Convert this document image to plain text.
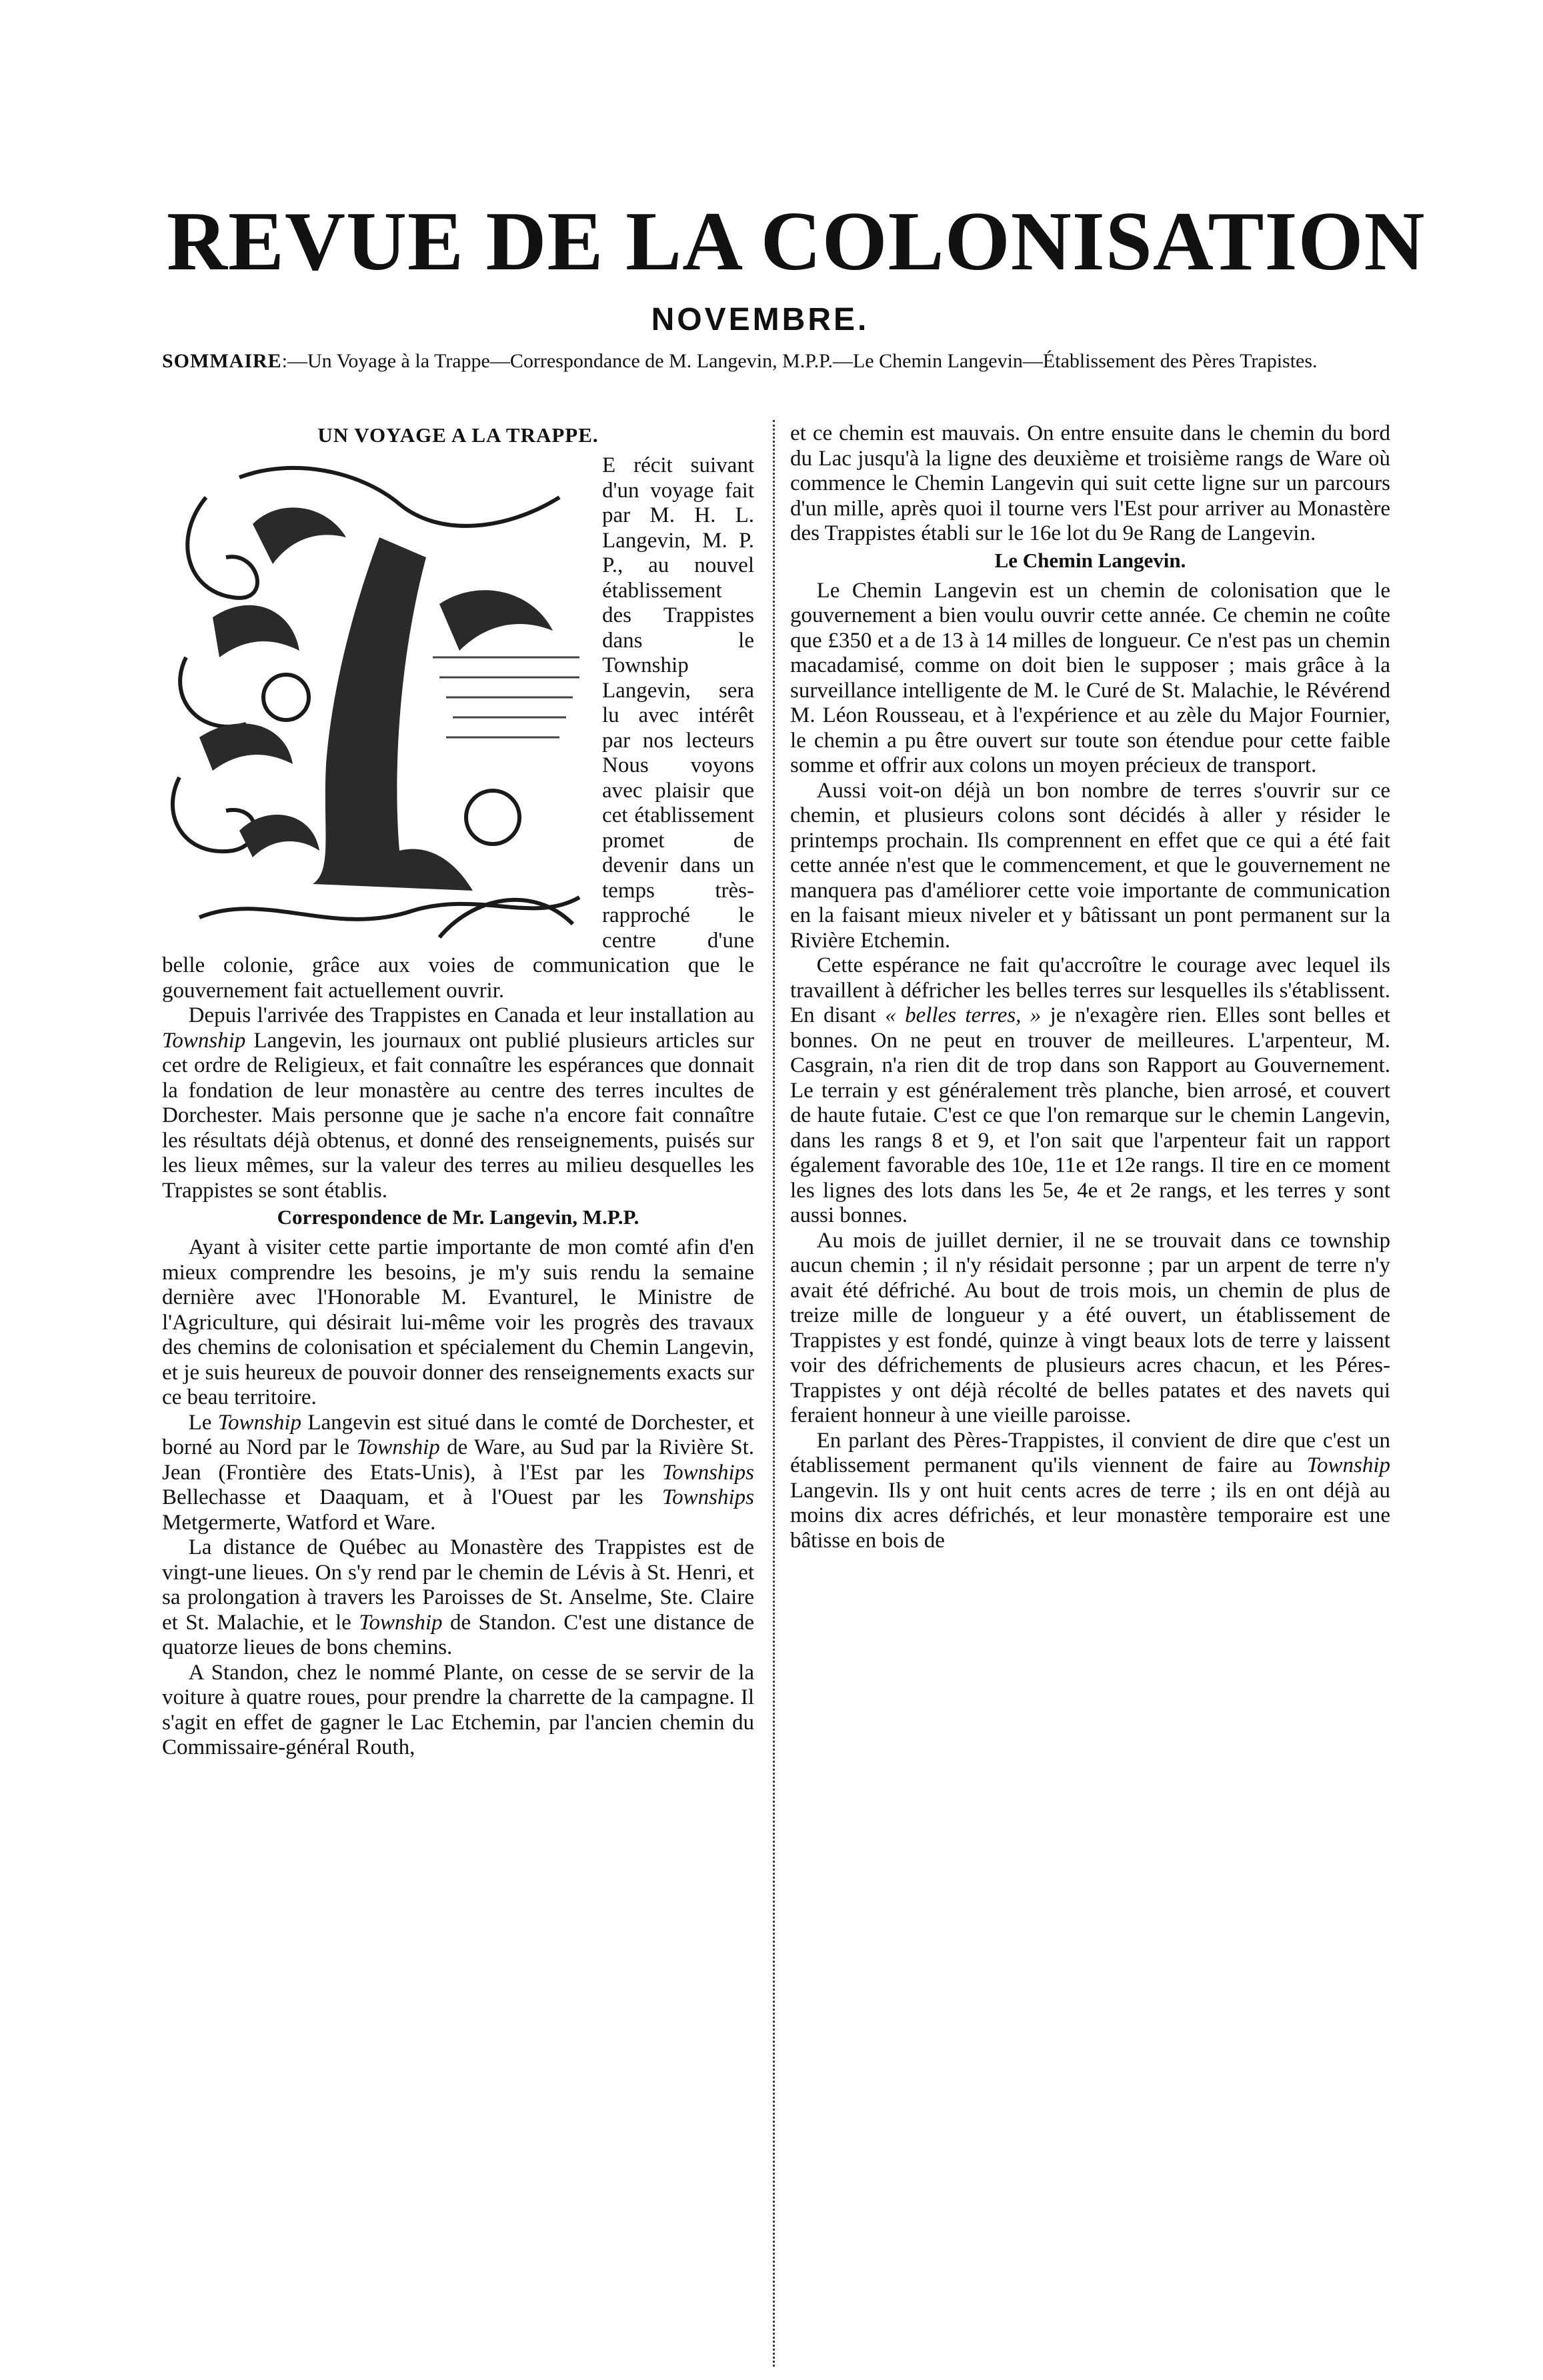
REVUE DE LA COLONISATION
NOVEMBRE.
SOMMAIRE:—Un Voyage à la Trappe—Correspondance de M. Langevin, M.P.P.—Le Chemin Langevin—Établissement des Pères Trapistes.
UN VOYAGE A LA TRAPPE.

E récit suivant d'un voyage fait par M. H. L. Langevin, M. P. P., au nouvel établissement des Trappistes dans le Township Langevin, sera lu avec intérêt par nos lecteurs Nous voyons avec plaisir que cet établissement promet de devenir dans un temps très-rapproché le centre d'une belle colonie, grâce aux voies de communication que le gouvernement fait actuellement ouvrir.

Depuis l'arrivée des Trappistes en Canada et leur installation au Township Langevin, les journaux ont publié plusieurs articles sur cet ordre de Religieux, et fait connaître les espérances que donnait la fondation de leur monastère au centre des terres incultes de Dorchester. Mais personne que je sache n'a encore fait connaître les résultats déjà obtenus, et donné des renseignements, puisés sur les lieux mêmes, sur la valeur des terres au milieu desquelles les Trappistes se sont établis.

Correspondence de Mr. Langevin, M.P.P.

Ayant à visiter cette partie importante de mon comté afin d'en mieux comprendre les besoins, je m'y suis rendu la semaine dernière avec l'Honorable M. Evanturel, le Ministre de l'Agriculture, qui désirait lui-même voir les progrès des travaux des chemins de colonisation et spécialement du Chemin Langevin, et je suis heureux de pouvoir donner des renseignements exacts sur ce beau territoire.

Le Township Langevin est situé dans le comté de Dorchester, et borné au Nord par le Township de Ware, au Sud par la Rivière St. Jean (Frontière des Etats-Unis), à l'Est par les Townships Bellechasse et Daaquam, et à l'Ouest par les Townships Metgermerte, Watford et Ware.

La distance de Québec au Monastère des Trappistes est de vingt-une lieues. On s'y rend par le chemin de Lévis à St. Henri, et sa prolongation à travers les Paroisses de St. Anselme, Ste. Claire et St. Malachie, et le Township de Standon. C'est une distance de quatorze lieues de bons chemins.

A Standon, chez le nommé Plante, on cesse de se servir de la voiture à quatre roues, pour prendre la charrette de la campagne. Il s'agit en effet de gagner le Lac Etchemin, par l'ancien chemin du Commissaire-général Routh,

et ce chemin est mauvais. On entre ensuite dans le chemin du bord du Lac jusqu'à la ligne des deuxième et troisième rangs de Ware où commence le Chemin Langevin qui suit cette ligne sur un parcours d'un mille, après quoi il tourne vers l'Est pour arriver au Monastère des Trappistes établi sur le 16e lot du 9e Rang de Langevin.

Le Chemin Langevin.

Le Chemin Langevin est un chemin de colonisation que le gouvernement a bien voulu ouvrir cette année. Ce chemin ne coûte que £350 et a de 13 à 14 milles de longueur. Ce n'est pas un chemin macadamisé, comme on doit bien le supposer ; mais grâce à la surveillance intelligente de M. le Curé de St. Malachie, le Révérend M. Léon Rousseau, et à l'expérience et au zèle du Major Fournier, le chemin a pu être ouvert sur toute son étendue pour cette faible somme et offrir aux colons un moyen précieux de transport.

Aussi voit-on déjà un bon nombre de terres s'ouvrir sur ce chemin, et plusieurs colons sont décidés à aller y résider le printemps prochain. Ils comprennent en effet que ce qui a été fait cette année n'est que le commencement, et que le gouvernement ne manquera pas d'améliorer cette voie importante de communication en la faisant mieux niveler et y bâtissant un pont permanent sur la Rivière Etchemin.

Cette espérance ne fait qu'accroître le courage avec lequel ils travaillent à défricher les belles terres sur lesquelles ils s'établissent. En disant « belles terres, » je n'exagère rien. Elles sont belles et bonnes. On ne peut en trouver de meilleures. L'arpenteur, M. Casgrain, n'a rien dit de trop dans son Rapport au Gouvernement. Le terrain y est généralement très planche, bien arrosé, et couvert de haute futaie. C'est ce que l'on remarque sur le chemin Langevin, dans les rangs 8 et 9, et l'on sait que l'arpenteur fait un rapport également favorable des 10e, 11e et 12e rangs. Il tire en ce moment les lignes des lots dans les 5e, 4e et 2e rangs, et les terres y sont aussi bonnes.

Au mois de juillet dernier, il ne se trouvait dans ce township aucun chemin ; il n'y résidait personne ; par un arpent de terre n'y avait été défriché. Au bout de trois mois, un chemin de plus de treize mille de longueur y a été ouvert, un établissement de Trappistes y est fondé, quinze à vingt beaux lots de terre y laissent voir des défrichements de plusieurs acres chacun, et les Péres-Trappistes y ont déjà récolté de belles patates et des navets qui feraient honneur à une vieille paroisse.

En parlant des Pères-Trappistes, il convient de dire que c'est un établissement permanent qu'ils viennent de faire au Township Langevin. Ils y ont huit cents acres de terre ; ils en ont déjà au moins dix acres défrichés, et leur monastère temporaire est une bâtisse en bois de
